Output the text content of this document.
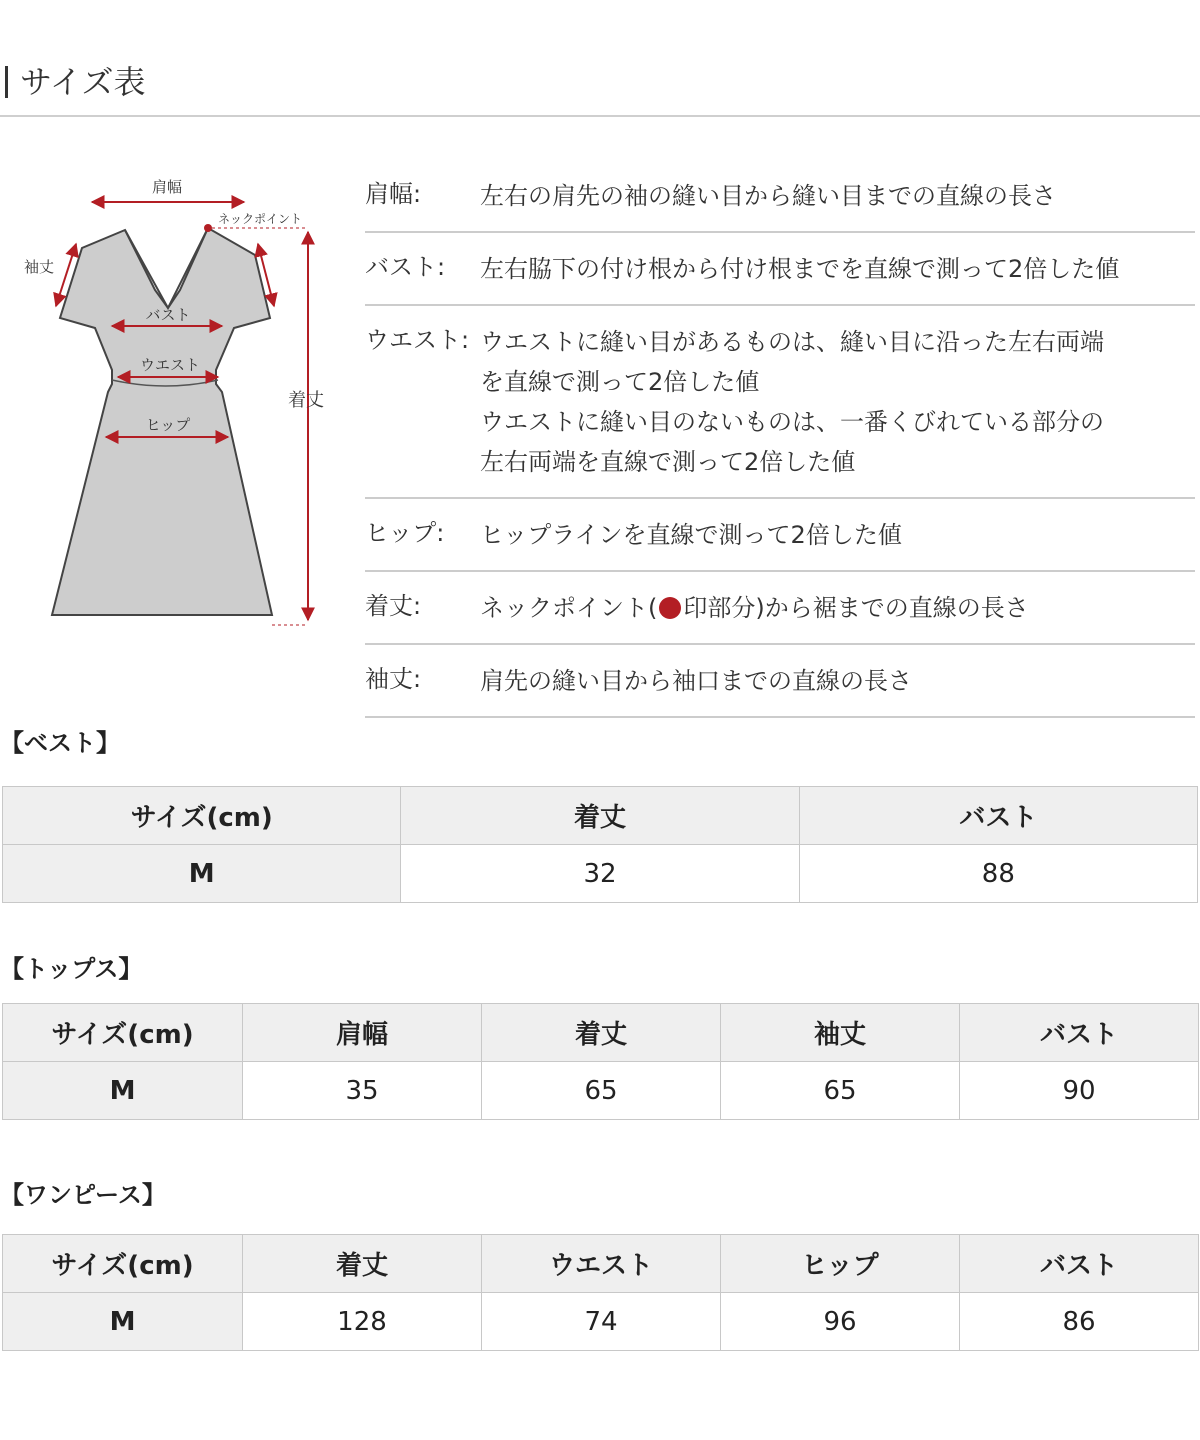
サイズ表
肩幅
ネックポイント
袖丈
バスト
ウエスト
ヒップ
着丈
肩幅:	左右の肩先の袖の縫い目から縫い目までの直線の長さ
バスト:	左右脇下の付け根から付け根までを直線で測って2倍した値
ウエスト: ウエストに縫い目があるものは、縫い目に沿った左右両端
を直線で測って2倍した値
ウエストに縫い目のないものは、一番くびれている部分の
左右両端を直線で測って2倍した値
ヒップ:	ヒップラインを直線で測って2倍した値
着丈:	ネックポイント( 印部分)から裾までの直線の長さ
袖丈:	肩先の縫い目から袖口までの直線の長さ
【ベスト】
サイズ(cm)	着丈	バスト
M	32	88
【トップス】
サイズ(cm)	肩幅	着丈	袖丈	バスト
M	35	65	65	90
【ワンピース】
サイズ(cm)	着丈	ウエスト	ヒップ	バスト
M	128	74	96	86
